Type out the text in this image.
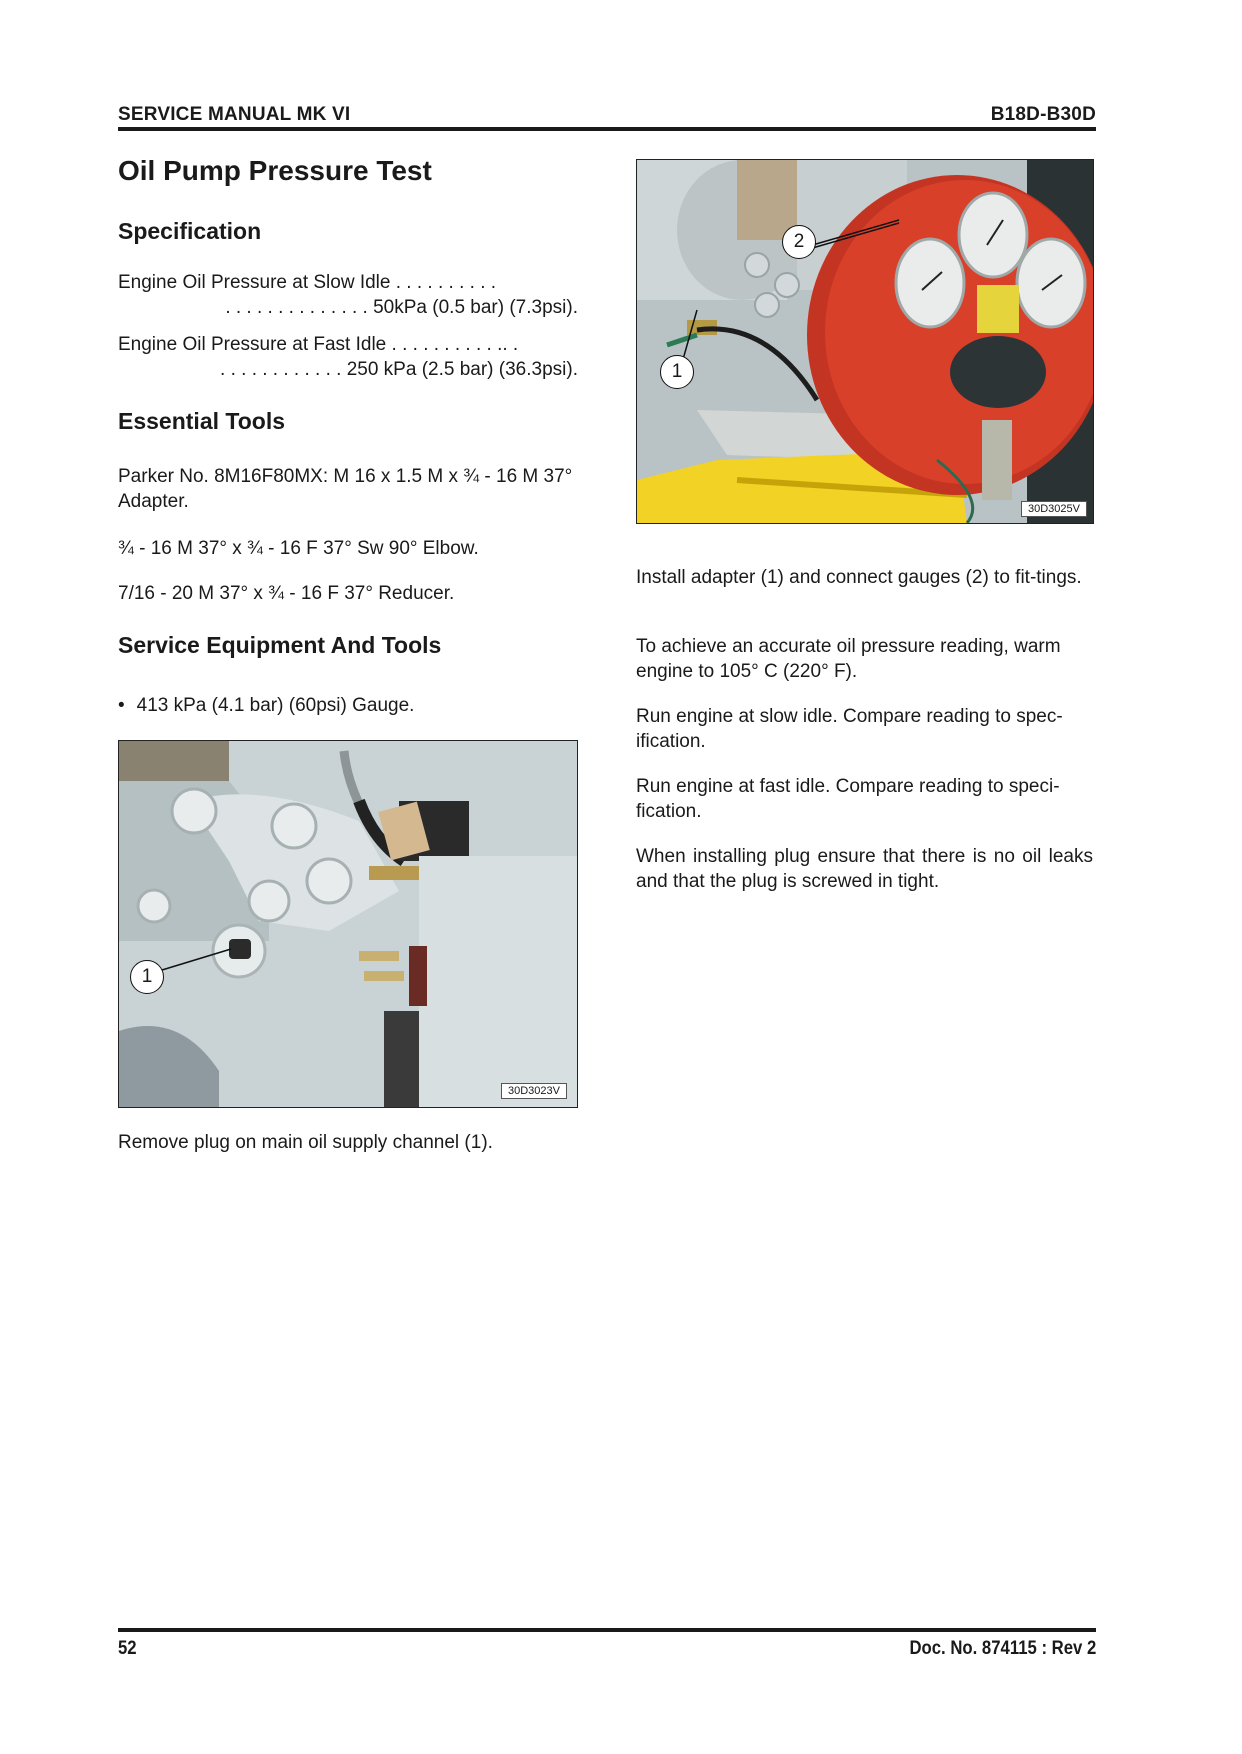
SERVICE MANUAL MK VI	B18D-B30D
Oil Pump Pressure Test
Specification

Engine Oil Pressure at Slow Idle . . . . . . . . . .

. . . . . . . . . . . . . . 50kPa (0.5 bar) (7.3psi).

Engine Oil Pressure at Fast Idle . . . . . . . . . . .. .

. . . . . . . . . . . . 250 kPa (2.5 bar) (36.3psi).

Essential Tools

Parker No. 8M16F80MX: M 16 x 1.5 M x ¾ - 16 M 37° Adapter.

¾ - 16 M 37° x ¾ - 16 F 37° Sw 90° Elbow.

7/16 - 20 M 37° x ¾ - 16 F 37° Reducer.

Service Equipment And Tools
• 413 kPa (4.1 bar) (60psi) Gauge.
1
30D3023V

Remove plug on main oil supply channel (1).

1
2
30D3025V

Install adapter (1) and connect gauges (2) to fit-tings.

To achieve an accurate oil pressure reading, warm engine to 105° C (220° F).

Run engine at slow idle. Compare reading to spec-ification.

Run engine at fast idle. Compare reading to speci-fication.

When installing plug ensure that there is no oil leaks and that the plug is screwed in tight.

52	Doc. No. 874115 : Rev 2
